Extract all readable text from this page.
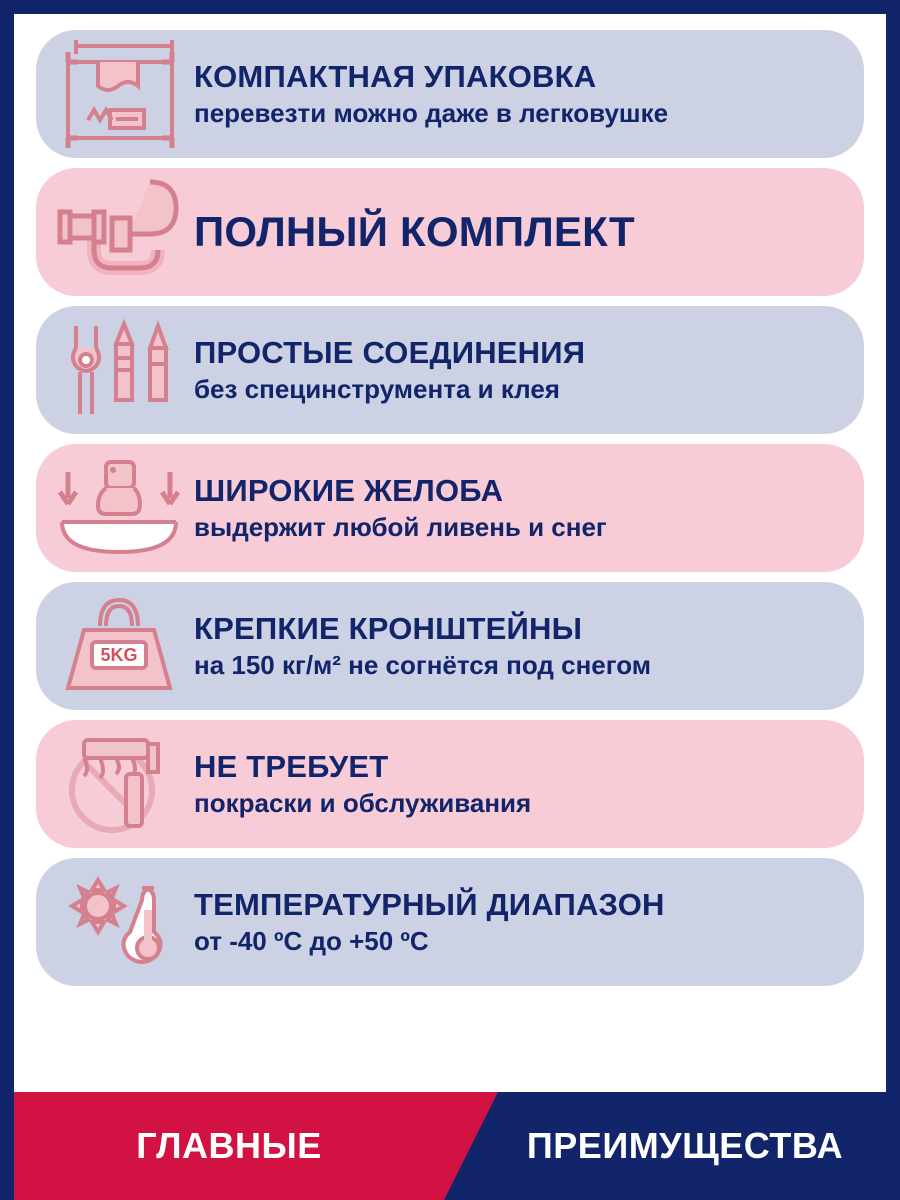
КОМПАКТНАЯ УПАКОВКА
перевезти можно даже в легковушке
ПОЛНЫЙ КОМПЛЕКТ
ПРОСТЫЕ СОЕДИНЕНИЯ
без специнструмента и клея
ШИРОКИЕ ЖЕЛОБА
выдержит любой ливень и снег
5KG
КРЕПКИЕ КРОНШТЕЙНЫ
на 150 кг/м² не согнётся под снегом
НЕ ТРЕБУЕТ
покраски и обслуживания
ТЕМПЕРАТУРНЫЙ ДИАПАЗОН
от -40 ºC до +50 ºC
ГЛАВНЫЕ	ПРЕИМУЩЕСТВА
